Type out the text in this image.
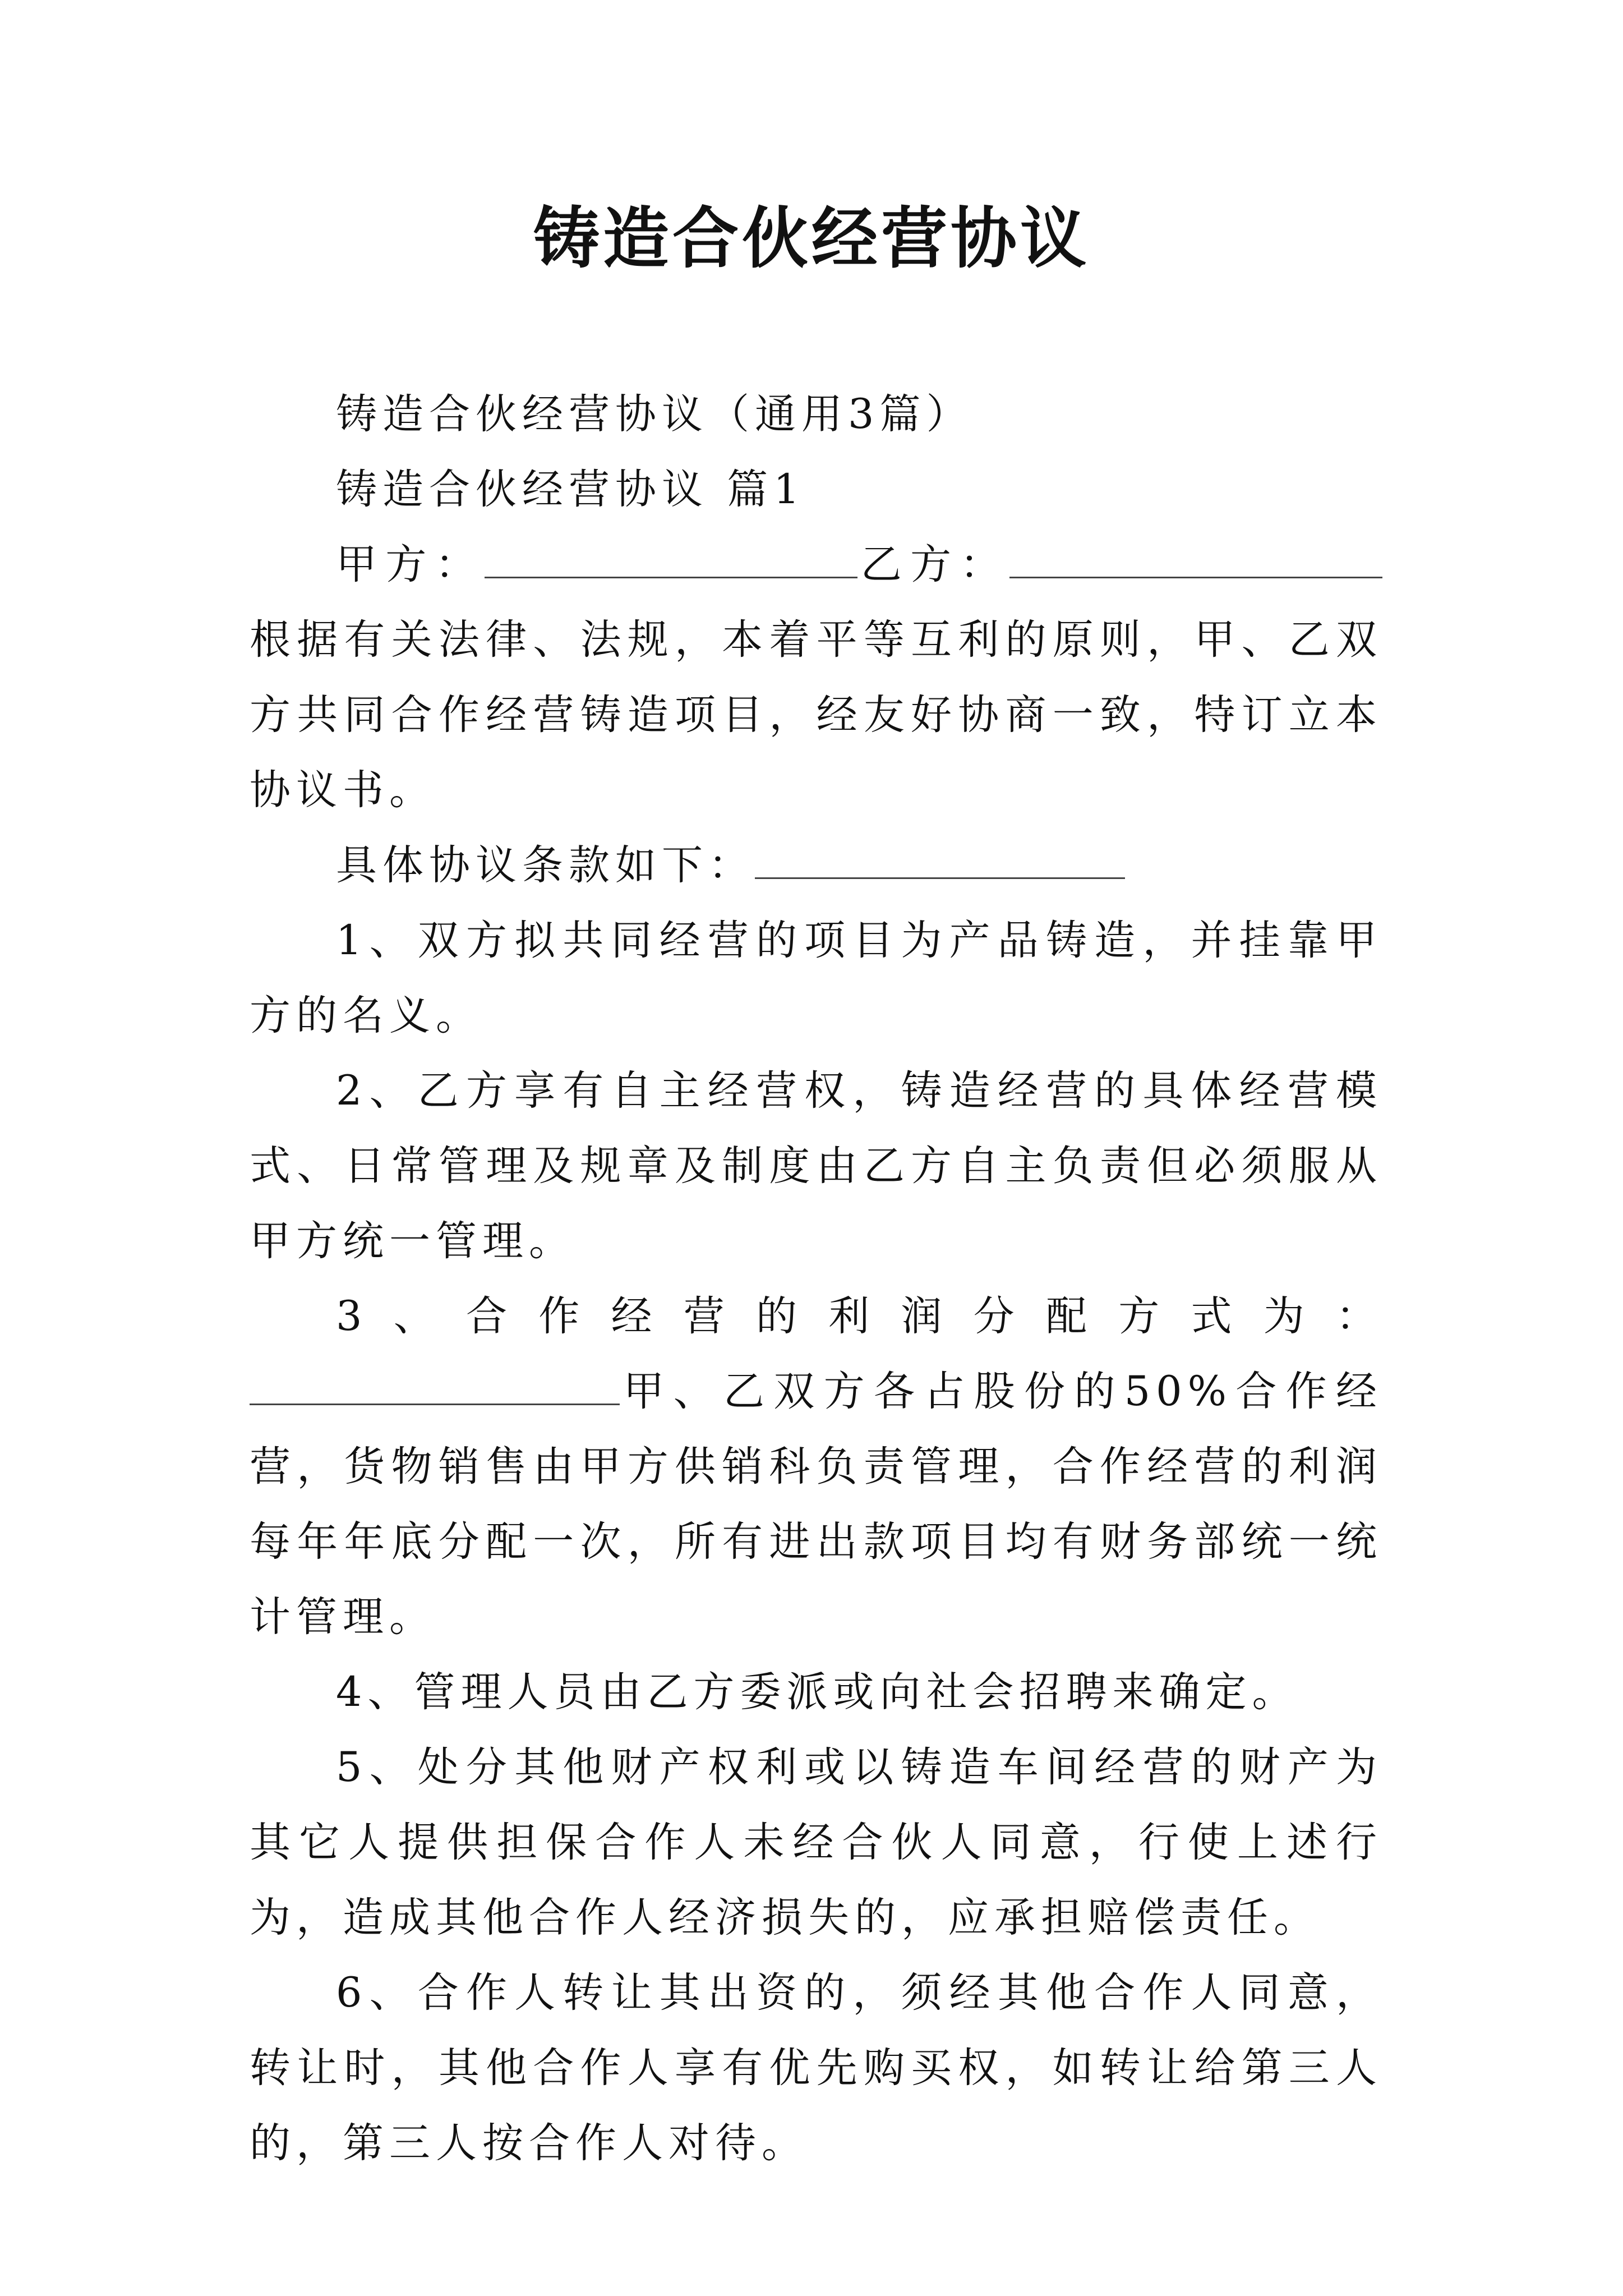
铸造合伙经营协议

铸造合伙经营协议（通用3篇）

铸造合伙经营协议 篇1

甲方：	乙方：根据有关法律、法规，本着平等互利的原则，甲、乙双方共同合作经营铸造项目，经友好协商一致，特订立本协议书。

具体协议条款如下：

1、双方拟共同经营的项目为产品铸造，并挂靠甲方的名义。

2、乙方享有自主经营权，铸造经营的具体经营模式、日常管理及规章及制度由乙方自主负责但必须服从甲方统一管理。

3、合作经营的利润分配方式为：甲、乙双方各占股份的50%合作经营，货物销售由甲方供销科负责管理，合作经营的利润每年年底分配一次，所有进出款项目均有财务部统一统计管理。

4、管理人员由乙方委派或向社会招聘来确定。

5、处分其他财产权利或以铸造车间经营的财产为其它人提供担保合作人未经合伙人同意，行使上述行为，造成其他合作人经济损失的，应承担赔偿责任。

6、合作人转让其出资的，须经其他合作人同意，转让时，其他合作人享有优先购买权，如转让给第三人的，第三人按合作人对待。
